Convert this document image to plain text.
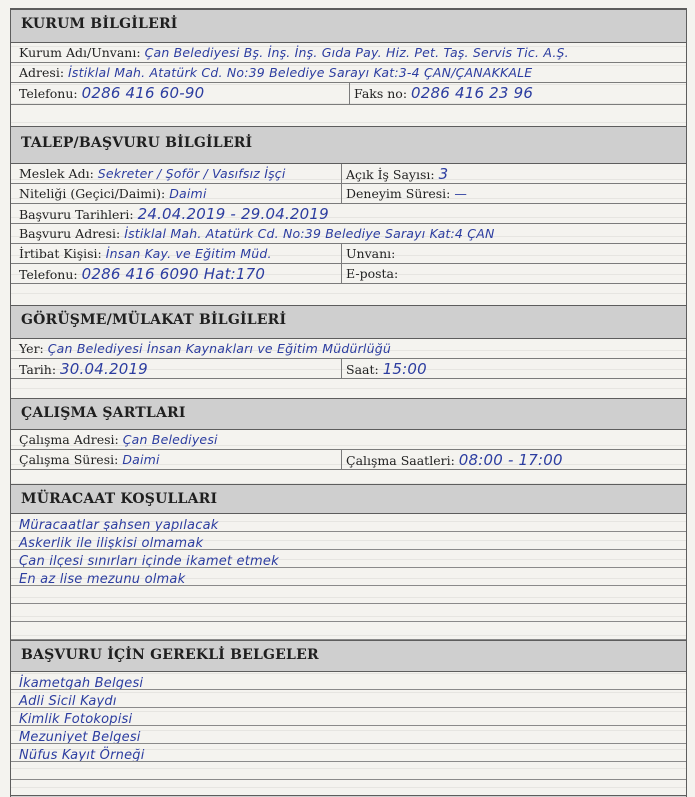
KURUM BİLGİLERİ
Kurum Adı/Unvanı: Çan Belediyesi Bş. İnş. İnş. Gıda Pay. Hiz. Pet. Taş. Servis Tic. A.Ş.
Adresi: İstiklal Mah. Atatürk Cd. No:39 Belediye Sarayı Kat:3-4 ÇAN/ÇANAKKALE
Telefonu: 0286 416 60-90	Faks no: 0286 416 23 96
TALEP/BAŞVURU BİLGİLERİ
Meslek Adı: Sekreter / Şoför / Vasıfsız İşçi	Açık İş Sayısı: 3
Niteliği (Geçici/Daimi): Daimi	Deneyim Süresi: —
Başvuru Tarihleri: 24.04.2019 - 29.04.2019
Başvuru Adresi: İstiklal Mah. Atatürk Cd. No:39 Belediye Sarayı Kat:4 ÇAN
İrtibat Kişisi: İnsan Kay. ve Eğitim Müd.	Unvanı:
Telefonu: 0286 416 6090 Hat:170	E-posta:
GÖRÜŞME/MÜLAKAT BİLGİLERİ
Yer: Çan Belediyesi İnsan Kaynakları ve Eğitim Müdürlüğü
Tarih: 30.04.2019	Saat: 15:00
ÇALIŞMA ŞARTLARI
Çalışma Adresi: Çan Belediyesi
Çalışma Süresi: Daimi	Çalışma Saatleri: 08:00 - 17:00
MÜRACAAT KOŞULLARI
Müracaatlar şahsen yapılacak
Askerlik ile ilişkisi olmamak
Çan ilçesi sınırları içinde ikamet etmek
En az lise mezunu olmak
BAŞVURU İÇİN GEREKLİ BELGELER
İkametgah Belgesi
Adli Sicil Kaydı
Kimlik Fotokopisi
Mezuniyet Belgesi
Nüfus Kayıt Örneği
